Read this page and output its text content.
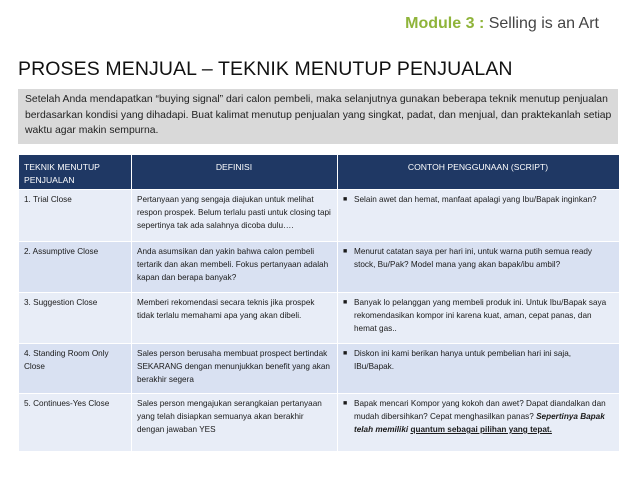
Module 3 : Selling is an Art
PROSES MENJUAL – TEKNIK MENUTUP PENJUALAN
Setelah Anda mendapatkan “buying signal” dari calon pembeli, maka selanjutnya gunakan beberapa teknik menutup penjualan berdasarkan kondisi yang dihadapi. Buat kalimat menutup penjualan yang singkat, padat, dan menjual, dan praktekanlah setiap waktu agar makin sempurna.
TEKNIK MENUTUP PENJUALAN	DEFINISI	CONTOH PENGGUNAAN (SCRIPT)
1. Trial Close	Pertanyaan yang sengaja diajukan untuk melihat respon prospek. Belum terlalu pasti untuk closing tapi sepertinya tak ada salahnya dicoba dulu….	■ Selain awet dan hemat, manfaat apalagi yang Ibu/Bapak inginkan?

2. Assumptive Close	Anda asumsikan dan yakin bahwa calon pembeli tertarik dan akan membeli. Fokus pertanyaan adalah kapan dan berapa banyak?	■ Menurut catatan saya per hari ini, untuk warna putih semua ready stock, Bu/Pak? Model mana yang akan bapak/ibu ambil?

3. Suggestion Close	Memberi rekomendasi secara teknis jika prospek tidak terlalu memahami apa yang akan dibeli.	■ Banyak lo pelanggan yang membeli produk ini. Untuk Ibu/Bapak saya rekomendasikan kompor ini karena kuat, aman, cepat panas, dan hemat gas..

4. Standing Room Only Close	Sales person berusaha membuat prospect bertindak SEKARANG dengan menunjukkan benefit yang akan berakhir segera	■ Diskon ini kami berikan hanya untuk pembelian hari ini saja, IBu/Bapak.

5. Continues-Yes Close	Sales person mengajukan serangkaian pertanyaan yang telah disiapkan semuanya akan berakhir dengan jawaban YES	■ Bapak mencari Kompor yang kokoh dan awet? Dapat diandalkan dan mudah dibersihkan? Cepat menghasilkan panas? Sepertinya Bapak telah memiliki quantum sebagai pilihan yang tepat.
